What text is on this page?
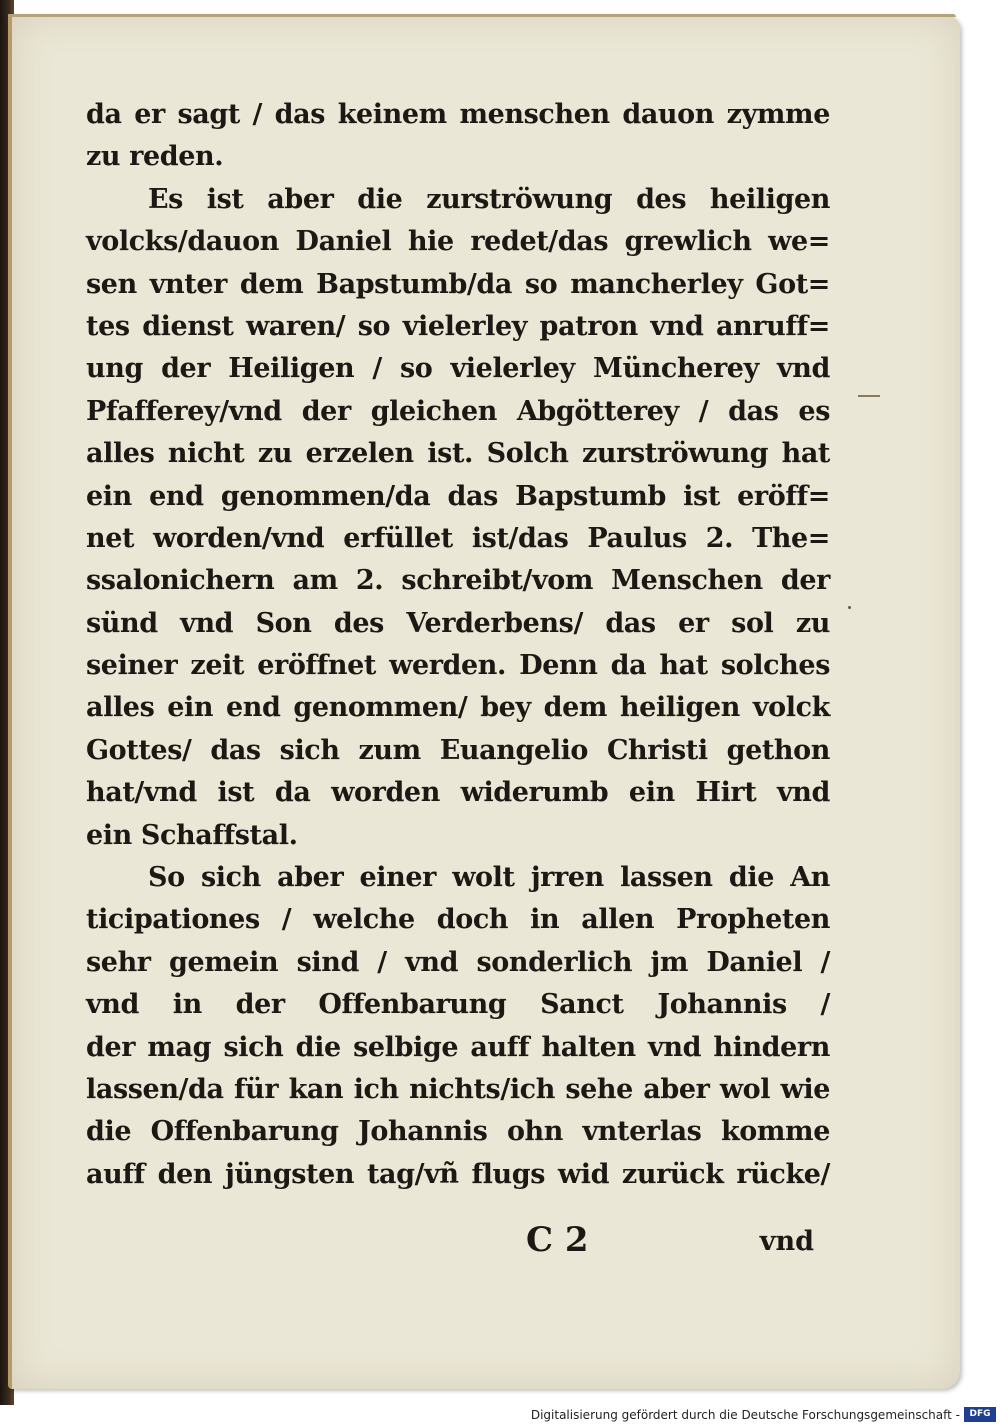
da er sagt / das keinem menschen dauon zymme
zu reden.
Es ist aber die zurströwung des heiligen
volcks/dauon Daniel hie redet/das grewlich we=
sen vnter dem Bapstumb/da so mancherley Got=
tes dienst waren/ so vielerley patron vnd anruff=
ung der Heiligen / so vielerley Müncherey vnd
Pfafferey/vnd der gleichen Abgötterey / das es
alles nicht zu erzelen ist. Solch zurströwung hat
ein end genommen/da das Bapstumb ist eröff=
net worden/vnd erfüllet ist/das Paulus 2. The=
ssalonichern am 2. schreibt/vom Menschen der
sünd vnd Son des Verderbens/ das er sol zu
seiner zeit eröffnet werden. Denn da hat solches
alles ein end genommen/ bey dem heiligen volck
Gottes/ das sich zum Euangelio Christi gethon
hat/vnd ist da worden widerumb ein Hirt vnd
ein Schaffstal.
So sich aber einer wolt jrren lassen die An
ticipationes / welche doch in allen Propheten
sehr gemein sind / vnd sonderlich jm Daniel /
vnd in der Offenbarung Sanct Johannis /
der mag sich die selbige auff halten vnd hindern
lassen/da für kan ich nichts/ich sehe aber wol wie
die Offenbarung Johannis ohn vnterlas komme
auff den jüngsten tag/vñ flugs wid zurück rücke/
C 2	vnd
Digitalisierung gefördert durch die Deutsche Forschungsgemeinschaft -	DFG
